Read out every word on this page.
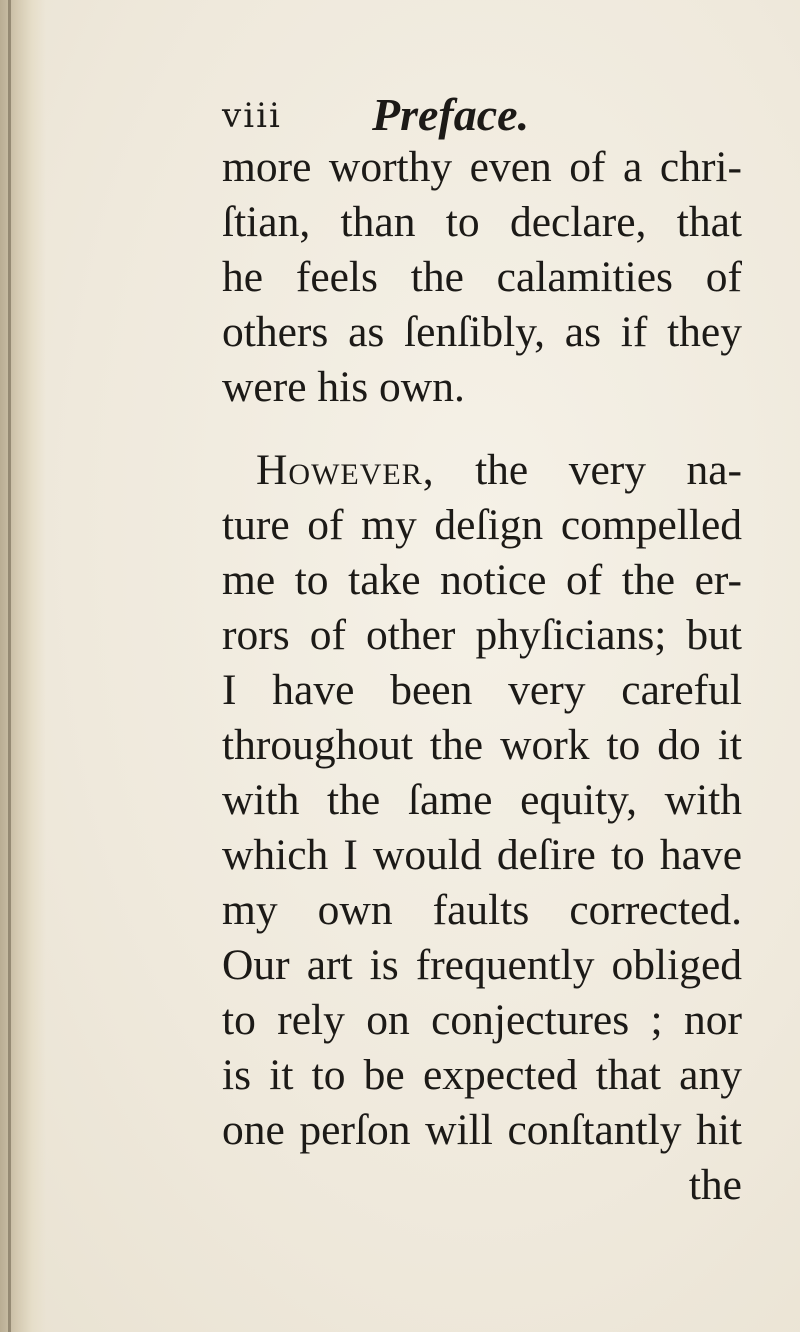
viii Preface.
more worthy even of a chri-
ſtian, than to declare, that
he feels the calamities of
others as ſenſibly, as if they
were his own.
However, the very na-
ture of my deſign compelled
me to take notice of the er-
rors of other phyſicians; but
I have been very careful
throughout the work to do it
with the ſame equity, with
which I would deſire to have
my own faults corrected.
Our art is frequently obliged
to rely on conjectures ; nor
is it to be expected that any
one perſon will conſtantly hit
the
